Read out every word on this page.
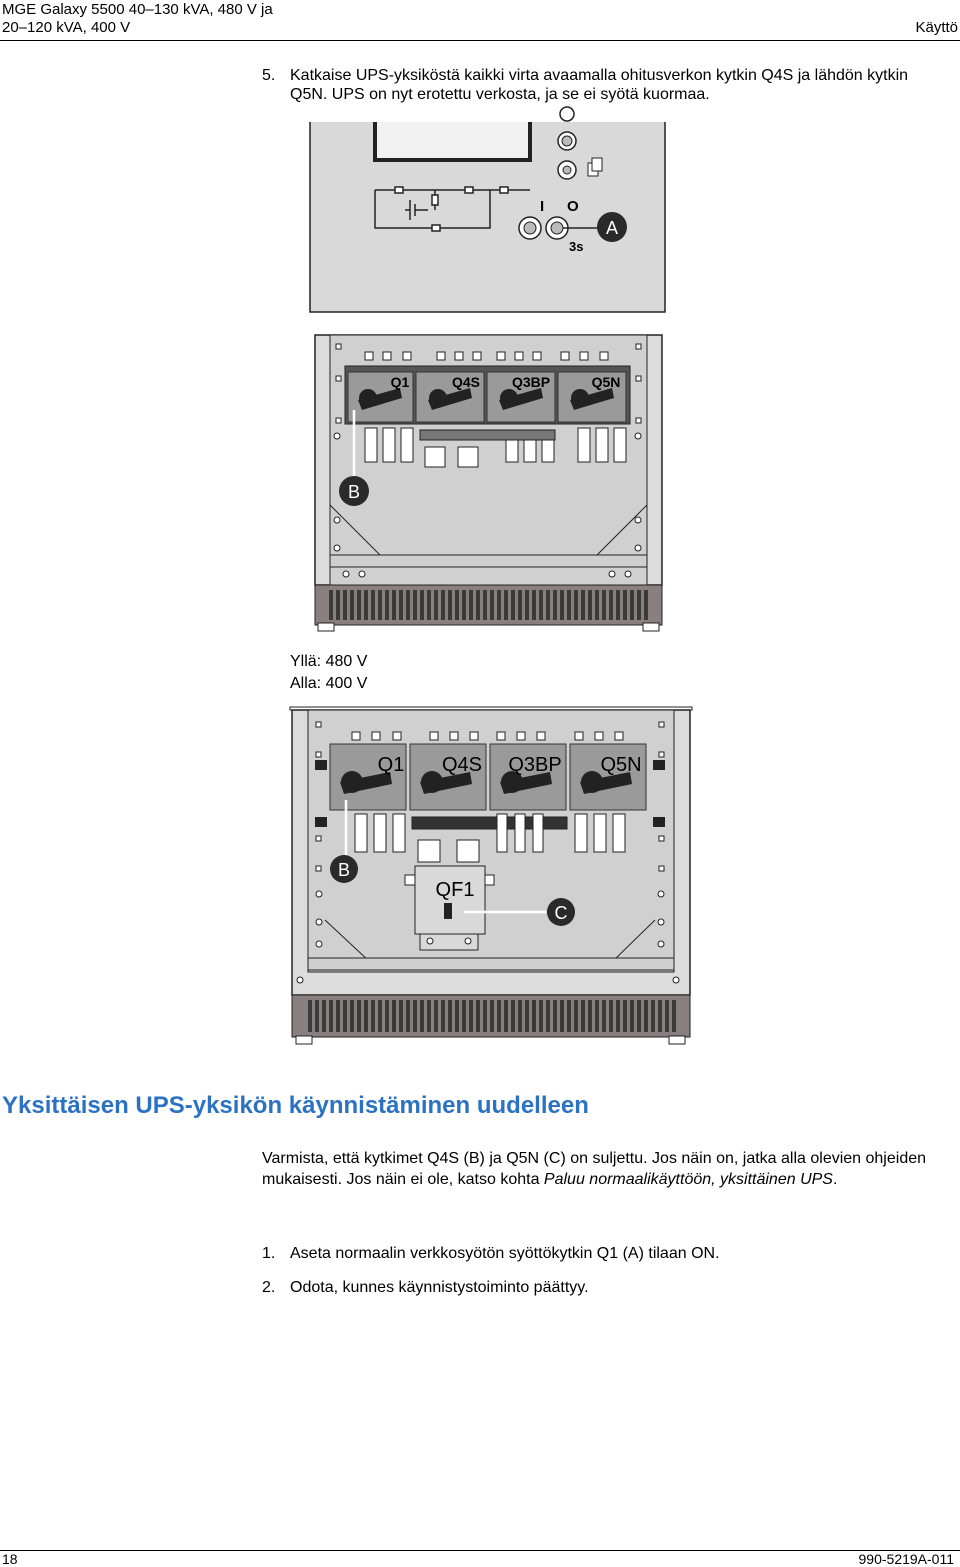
MGE Galaxy 5500 40–130 kVA, 480 V ja
20–120 kVA, 400 V	Käyttö
5. Katkaise UPS-yksiköstä kaikki virta avaamalla ohitusverkon kytkin Q4S ja lähdön kytkin Q5N. UPS on nyt erotettu verkosta, ja se ei syötä kuormaa.
I O
3s
A
Q1	Q4S Q3BP	Q5N
B
Q1 Q4S Q3BP Q5N
QF1
C
B
Yllä: 480 V
Alla: 400 V
Yksittäisen UPS-yksikön käynnistäminen uudelleen
Varmista, että kytkimet Q4S (B) ja Q5N (C) on suljettu. Jos näin on, jatka alla olevien ohjeiden mukaisesti. Jos näin ei ole, katso kohta Paluu normaalikäyttöön, yksittäinen UPS.
1. Aseta normaalin verkkosyötön syöttökytkin Q1 (A) tilaan ON.
2. Odota, kunnes käynnistystoiminto päättyy.
18	990-5219A-011
